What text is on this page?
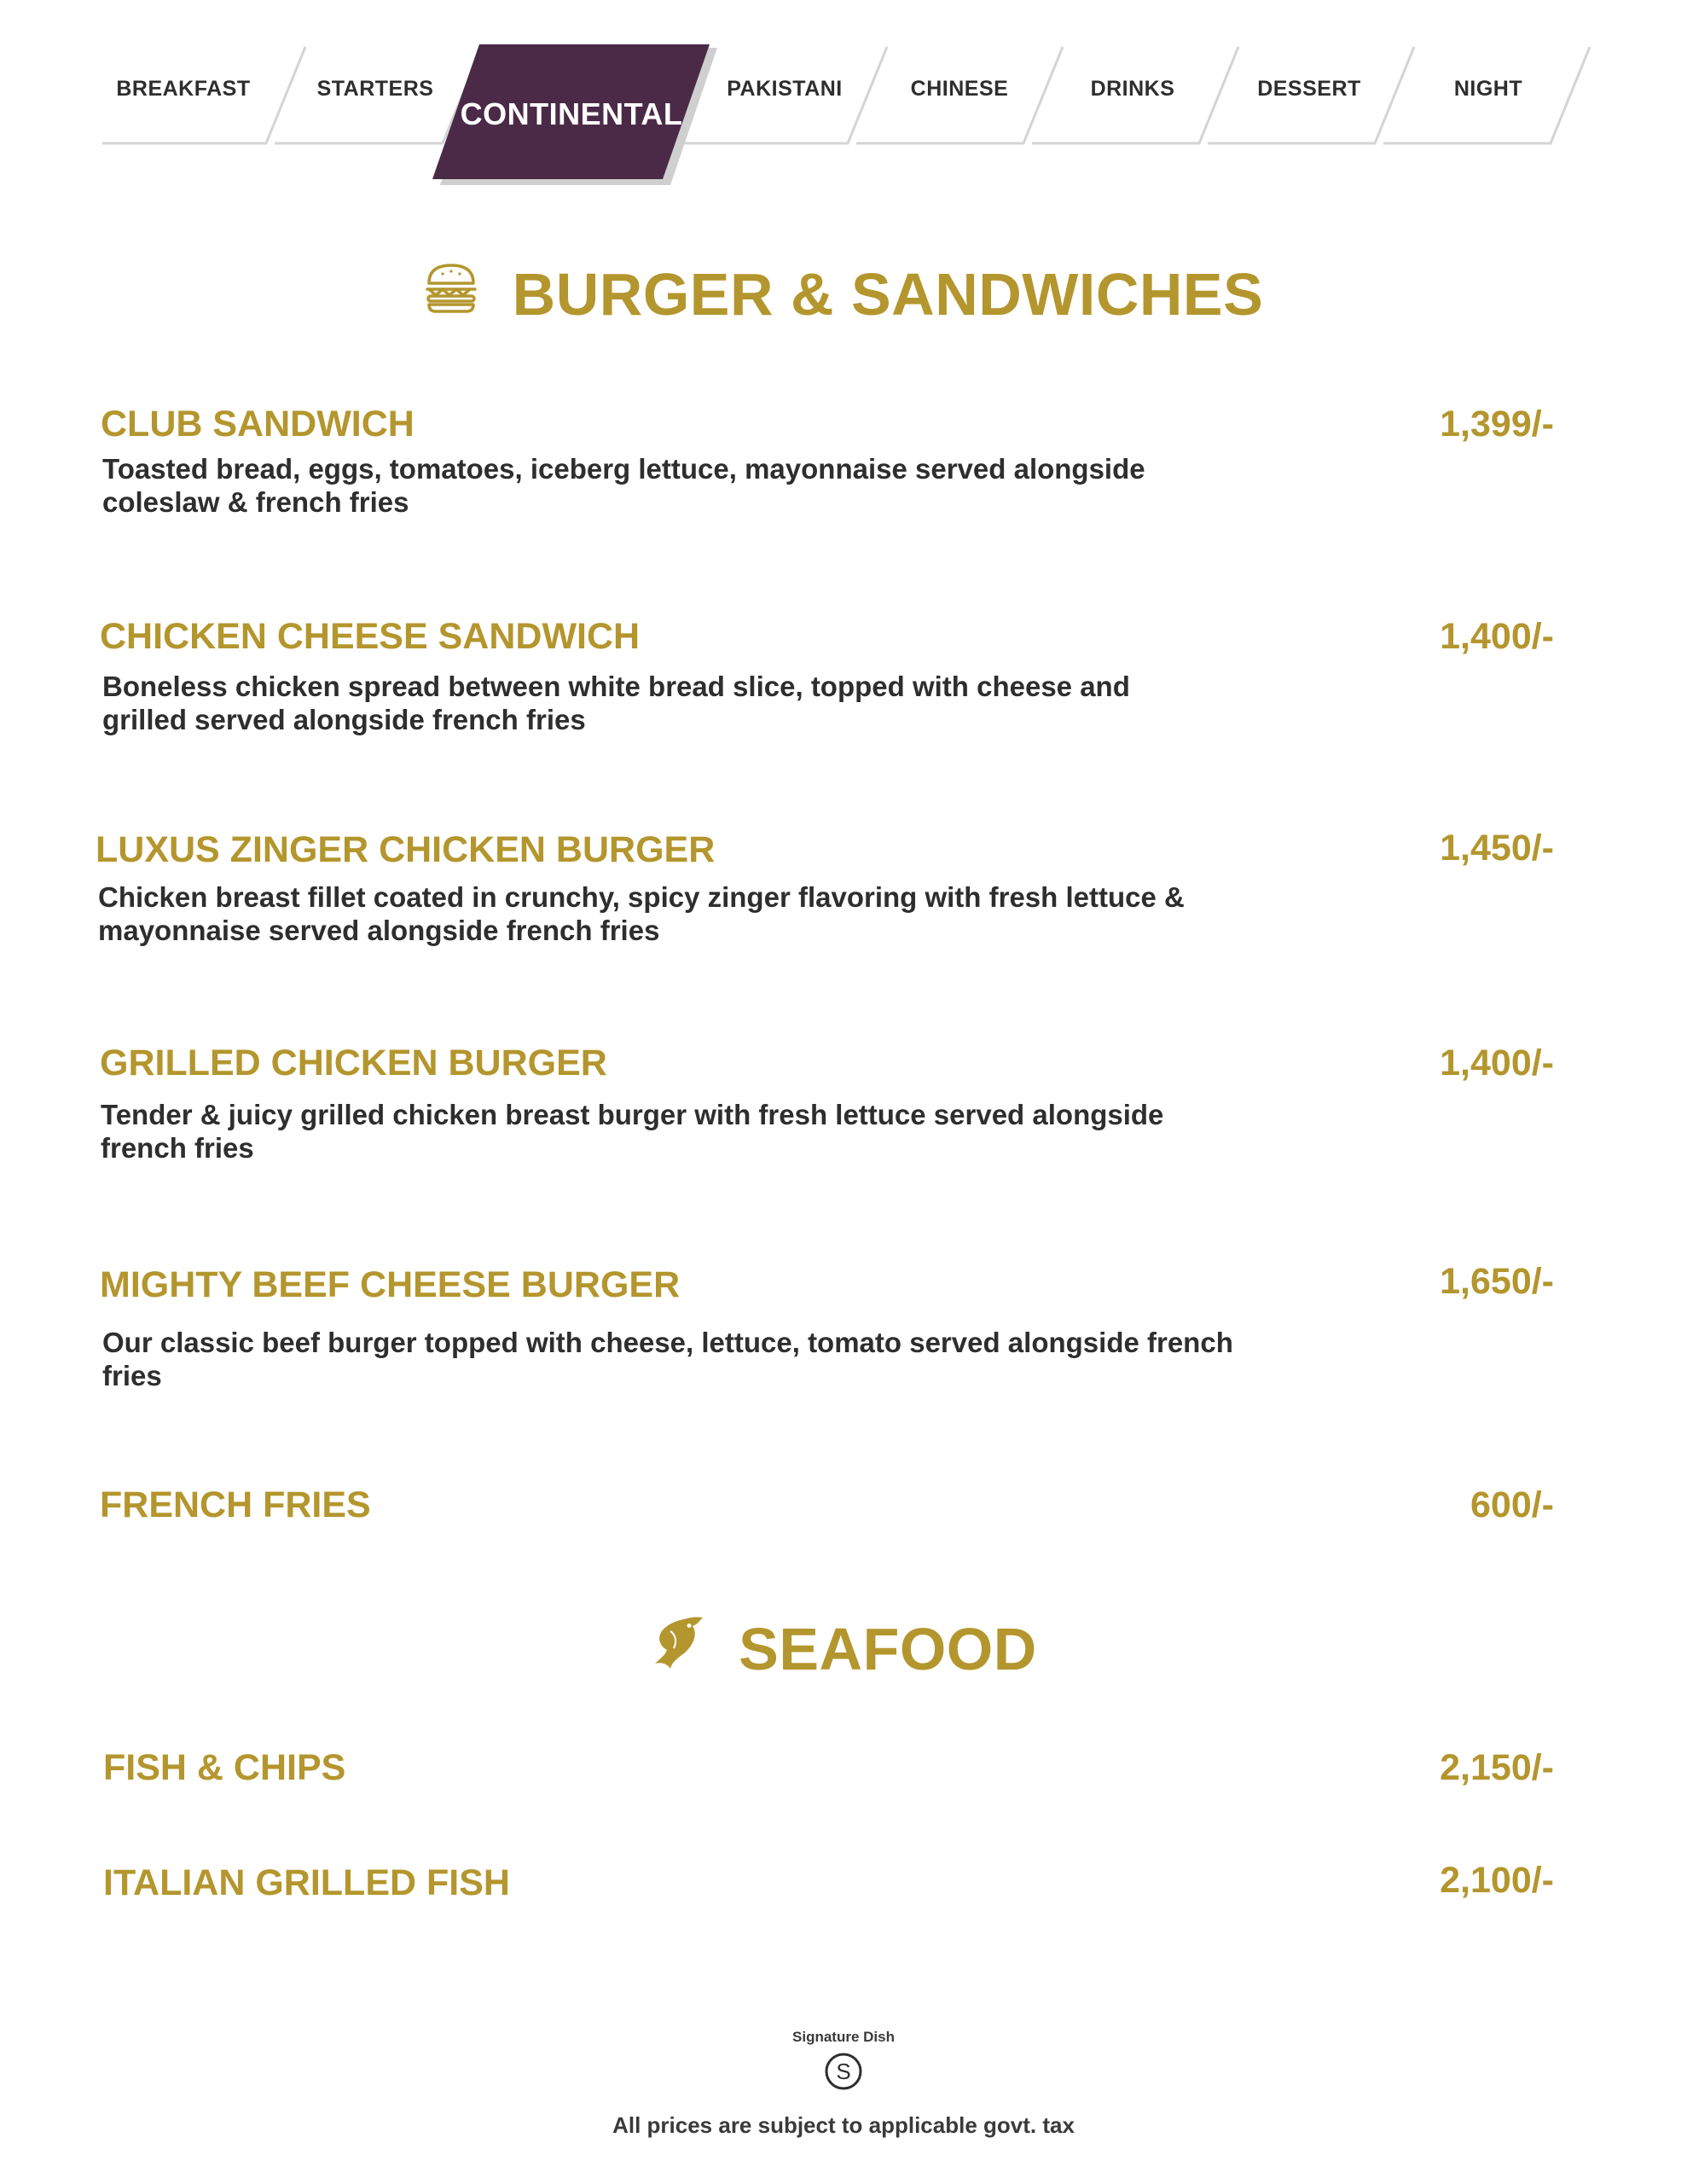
BREAKFAST	STARTERS
CONTINENTAL
PAKISTANI	CHINESE	DRINKS	DESSERT	NIGHT
BURGER & SANDWICHES
CLUB SANDWICH	1,399/-
Toasted bread, eggs, tomatoes, iceberg lettuce, mayonnaise served alongside coleslaw & french fries
CHICKEN CHEESE SANDWICH	1,400/-
Boneless chicken spread between white bread slice, topped with cheese and grilled served alongside french fries
LUXUS ZINGER CHICKEN BURGER	1,450/-
Chicken breast fillet coated in crunchy, spicy zinger flavoring with fresh lettuce & mayonnaise served alongside french fries
GRILLED CHICKEN BURGER	1,400/-
Tender & juicy grilled chicken breast burger with fresh lettuce served alongside french fries
MIGHTY BEEF CHEESE BURGER	1,650/-
Our classic beef burger topped with cheese, lettuce, tomato served alongside french fries
FRENCH FRIES	600/-
SEAFOOD
FISH & CHIPS	2,150/-
ITALIAN GRILLED FISH	2,100/-
Signature Dish
S
All prices are subject to applicable govt. tax
